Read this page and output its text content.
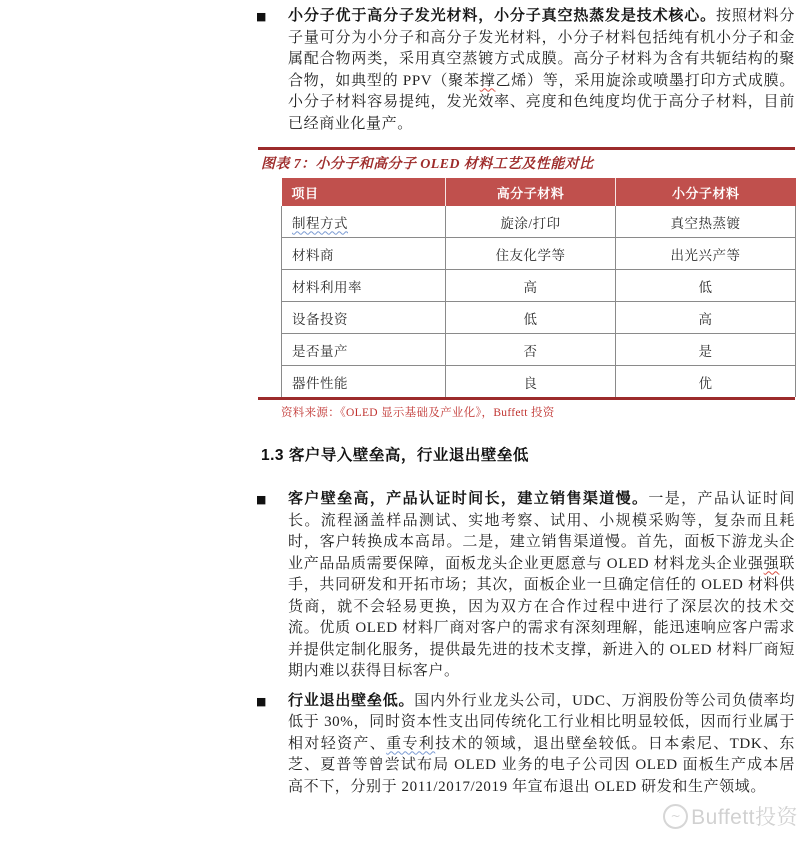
■ 小分子优于高分子发光材料，小分子真空热蒸发是技术核心。按照材料分子量可分为小分子和高分子发光材料，小分子材料包括纯有机小分子和金属配合物两类，采用真空蒸镀方式成膜。高分子材料为含有共轭结构的聚合物，如典型的 PPV（聚苯撑乙烯）等，采用旋涂或喷墨打印方式成膜。小分子材料容易提纯，发光效率、亮度和色纯度均优于高分子材料，目前已经商业化量产。
图表 7：小分子和高分子 OLED 材料工艺及性能对比
项目	高分子材料	小分子材料
制程方式	旋涂/打印	真空热蒸镀
材料商	住友化学等	出光兴产等
材料利用率	高	低
设备投资	低	高
是否量产	否	是
器件性能	良	优
资料来源：《OLED 显示基础及产业化》，Buffett 投资
1.3 客户导入壁垒高，行业退出壁垒低
■ 客户壁垒高，产品认证时间长，建立销售渠道慢。一是，产品认证时间长。流程涵盖样品测试、实地考察、试用、小规模采购等，复杂而且耗时，客户转换成本高昂。二是，建立销售渠道慢。首先，面板下游龙头企业产品品质需要保障，面板龙头企业更愿意与 OLED 材料龙头企业强强联手，共同研发和开拓市场；其次，面板企业一旦确定信任的 OLED 材料供货商，就不会轻易更换，因为双方在合作过程中进行了深层次的技术交流。优质 OLED 材料厂商对客户的需求有深刻理解，能迅速响应客户需求并提供定制化服务，提供最先进的技术支撑，新进入的 OLED 材料厂商短期内难以获得目标客户。
■ 行业退出壁垒低。国内外行业龙头公司，UDC、万润股份等公司负债率均低于 30%，同时资本性支出同传统化工行业相比明显较低，因而行业属于相对轻资产、重专利技术的领域，退出壁垒较低。日本索尼、TDK、东芝、夏普等曾尝试布局 OLED 业务的电子公司因 OLED 面板生产成本居高不下，分别于 2011/2017/2019 年宣布退出 OLED 研发和生产领域。
~ Buffett投资
